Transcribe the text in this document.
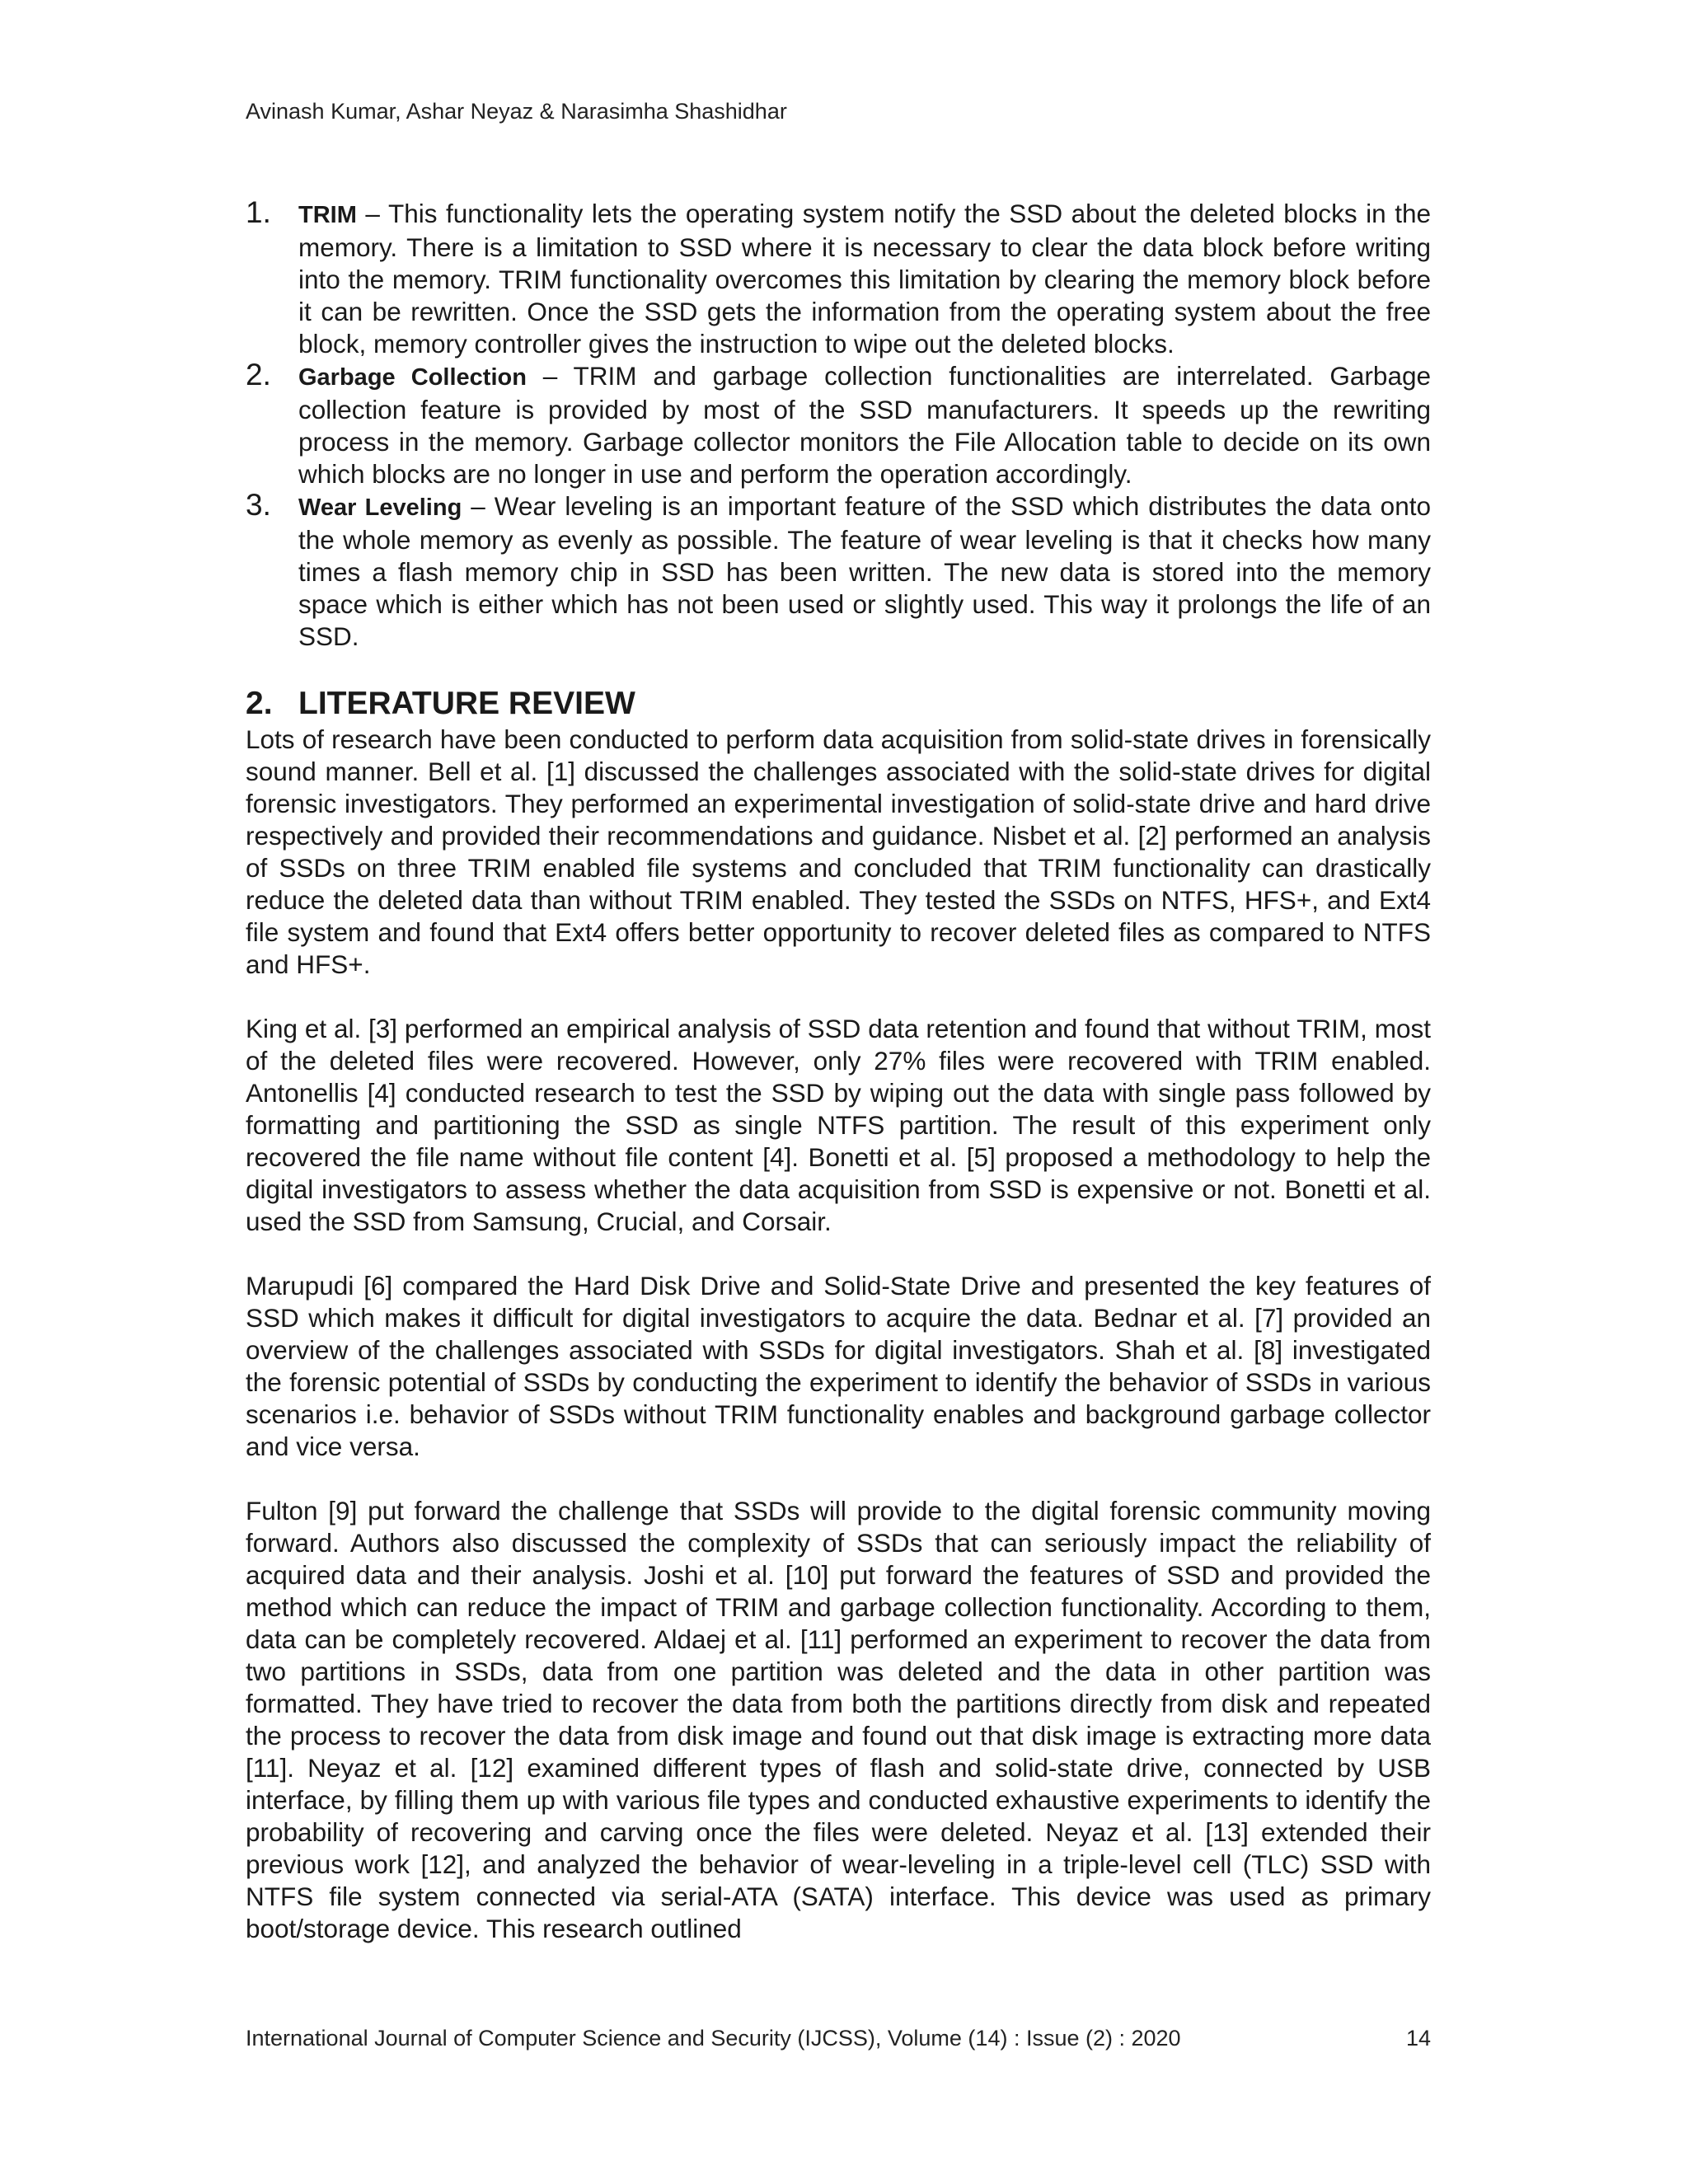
Avinash Kumar, Ashar Neyaz & Narasimha Shashidhar
1. TRIM – This functionality lets the operating system notify the SSD about the deleted blocks in the memory. There is a limitation to SSD where it is necessary to clear the data block before writing into the memory. TRIM functionality overcomes this limitation by clearing the memory block before it can be rewritten. Once the SSD gets the information from the operating system about the free block, memory controller gives the instruction to wipe out the deleted blocks.
2. Garbage Collection – TRIM and garbage collection functionalities are interrelated. Garbage collection feature is provided by most of the SSD manufacturers. It speeds up the rewriting process in the memory. Garbage collector monitors the File Allocation table to decide on its own which blocks are no longer in use and perform the operation accordingly.
3. Wear Leveling – Wear leveling is an important feature of the SSD which distributes the data onto the whole memory as evenly as possible. The feature of wear leveling is that it checks how many times a flash memory chip in SSD has been written. The new data is stored into the memory space which is either which has not been used or slightly used. This way it prolongs the life of an SSD.
2. LITERATURE REVIEW

Lots of research have been conducted to perform data acquisition from solid-state drives in forensically sound manner. Bell et al. [1] discussed the challenges associated with the solid-state drives for digital forensic investigators. They performed an experimental investigation of solid-state drive and hard drive respectively and provided their recommendations and guidance. Nisbet et al. [2] performed an analysis of SSDs on three TRIM enabled file systems and concluded that TRIM functionality can drastically reduce the deleted data than without TRIM enabled. They tested the SSDs on NTFS, HFS+, and Ext4 file system and found that Ext4 offers better opportunity to recover deleted files as compared to NTFS and HFS+.

King et al. [3] performed an empirical analysis of SSD data retention and found that without TRIM, most of the deleted files were recovered. However, only 27% files were recovered with TRIM enabled. Antonellis [4] conducted research to test the SSD by wiping out the data with single pass followed by formatting and partitioning the SSD as single NTFS partition. The result of this experiment only recovered the file name without file content [4]. Bonetti et al. [5] proposed a methodology to help the digital investigators to assess whether the data acquisition from SSD is expensive or not. Bonetti et al. used the SSD from Samsung, Crucial, and Corsair.

Marupudi [6] compared the Hard Disk Drive and Solid-State Drive and presented the key features of SSD which makes it difficult for digital investigators to acquire the data. Bednar et al. [7] provided an overview of the challenges associated with SSDs for digital investigators. Shah et al. [8] investigated the forensic potential of SSDs by conducting the experiment to identify the behavior of SSDs in various scenarios i.e. behavior of SSDs without TRIM functionality enables and background garbage collector and vice versa.

Fulton [9] put forward the challenge that SSDs will provide to the digital forensic community moving forward. Authors also discussed the complexity of SSDs that can seriously impact the reliability of acquired data and their analysis. Joshi et al. [10] put forward the features of SSD and provided the method which can reduce the impact of TRIM and garbage collection functionality. According to them, data can be completely recovered. Aldaej et al. [11] performed an experiment to recover the data from two partitions in SSDs, data from one partition was deleted and the data in other partition was formatted. They have tried to recover the data from both the partitions directly from disk and repeated the process to recover the data from disk image and found out that disk image is extracting more data [11]. Neyaz et al. [12] examined different types of flash and solid-state drive, connected by USB interface, by filling them up with various file types and conducted exhaustive experiments to identify the probability of recovering and carving once the files were deleted. Neyaz et al. [13] extended their previous work [12], and analyzed the behavior of wear-leveling in a triple-level cell (TLC) SSD with NTFS file system connected via serial-ATA (SATA) interface. This device was used as primary boot/storage device. This research outlined

International Journal of Computer Science and Security (IJCSS), Volume (14) : Issue (2) : 2020	14
